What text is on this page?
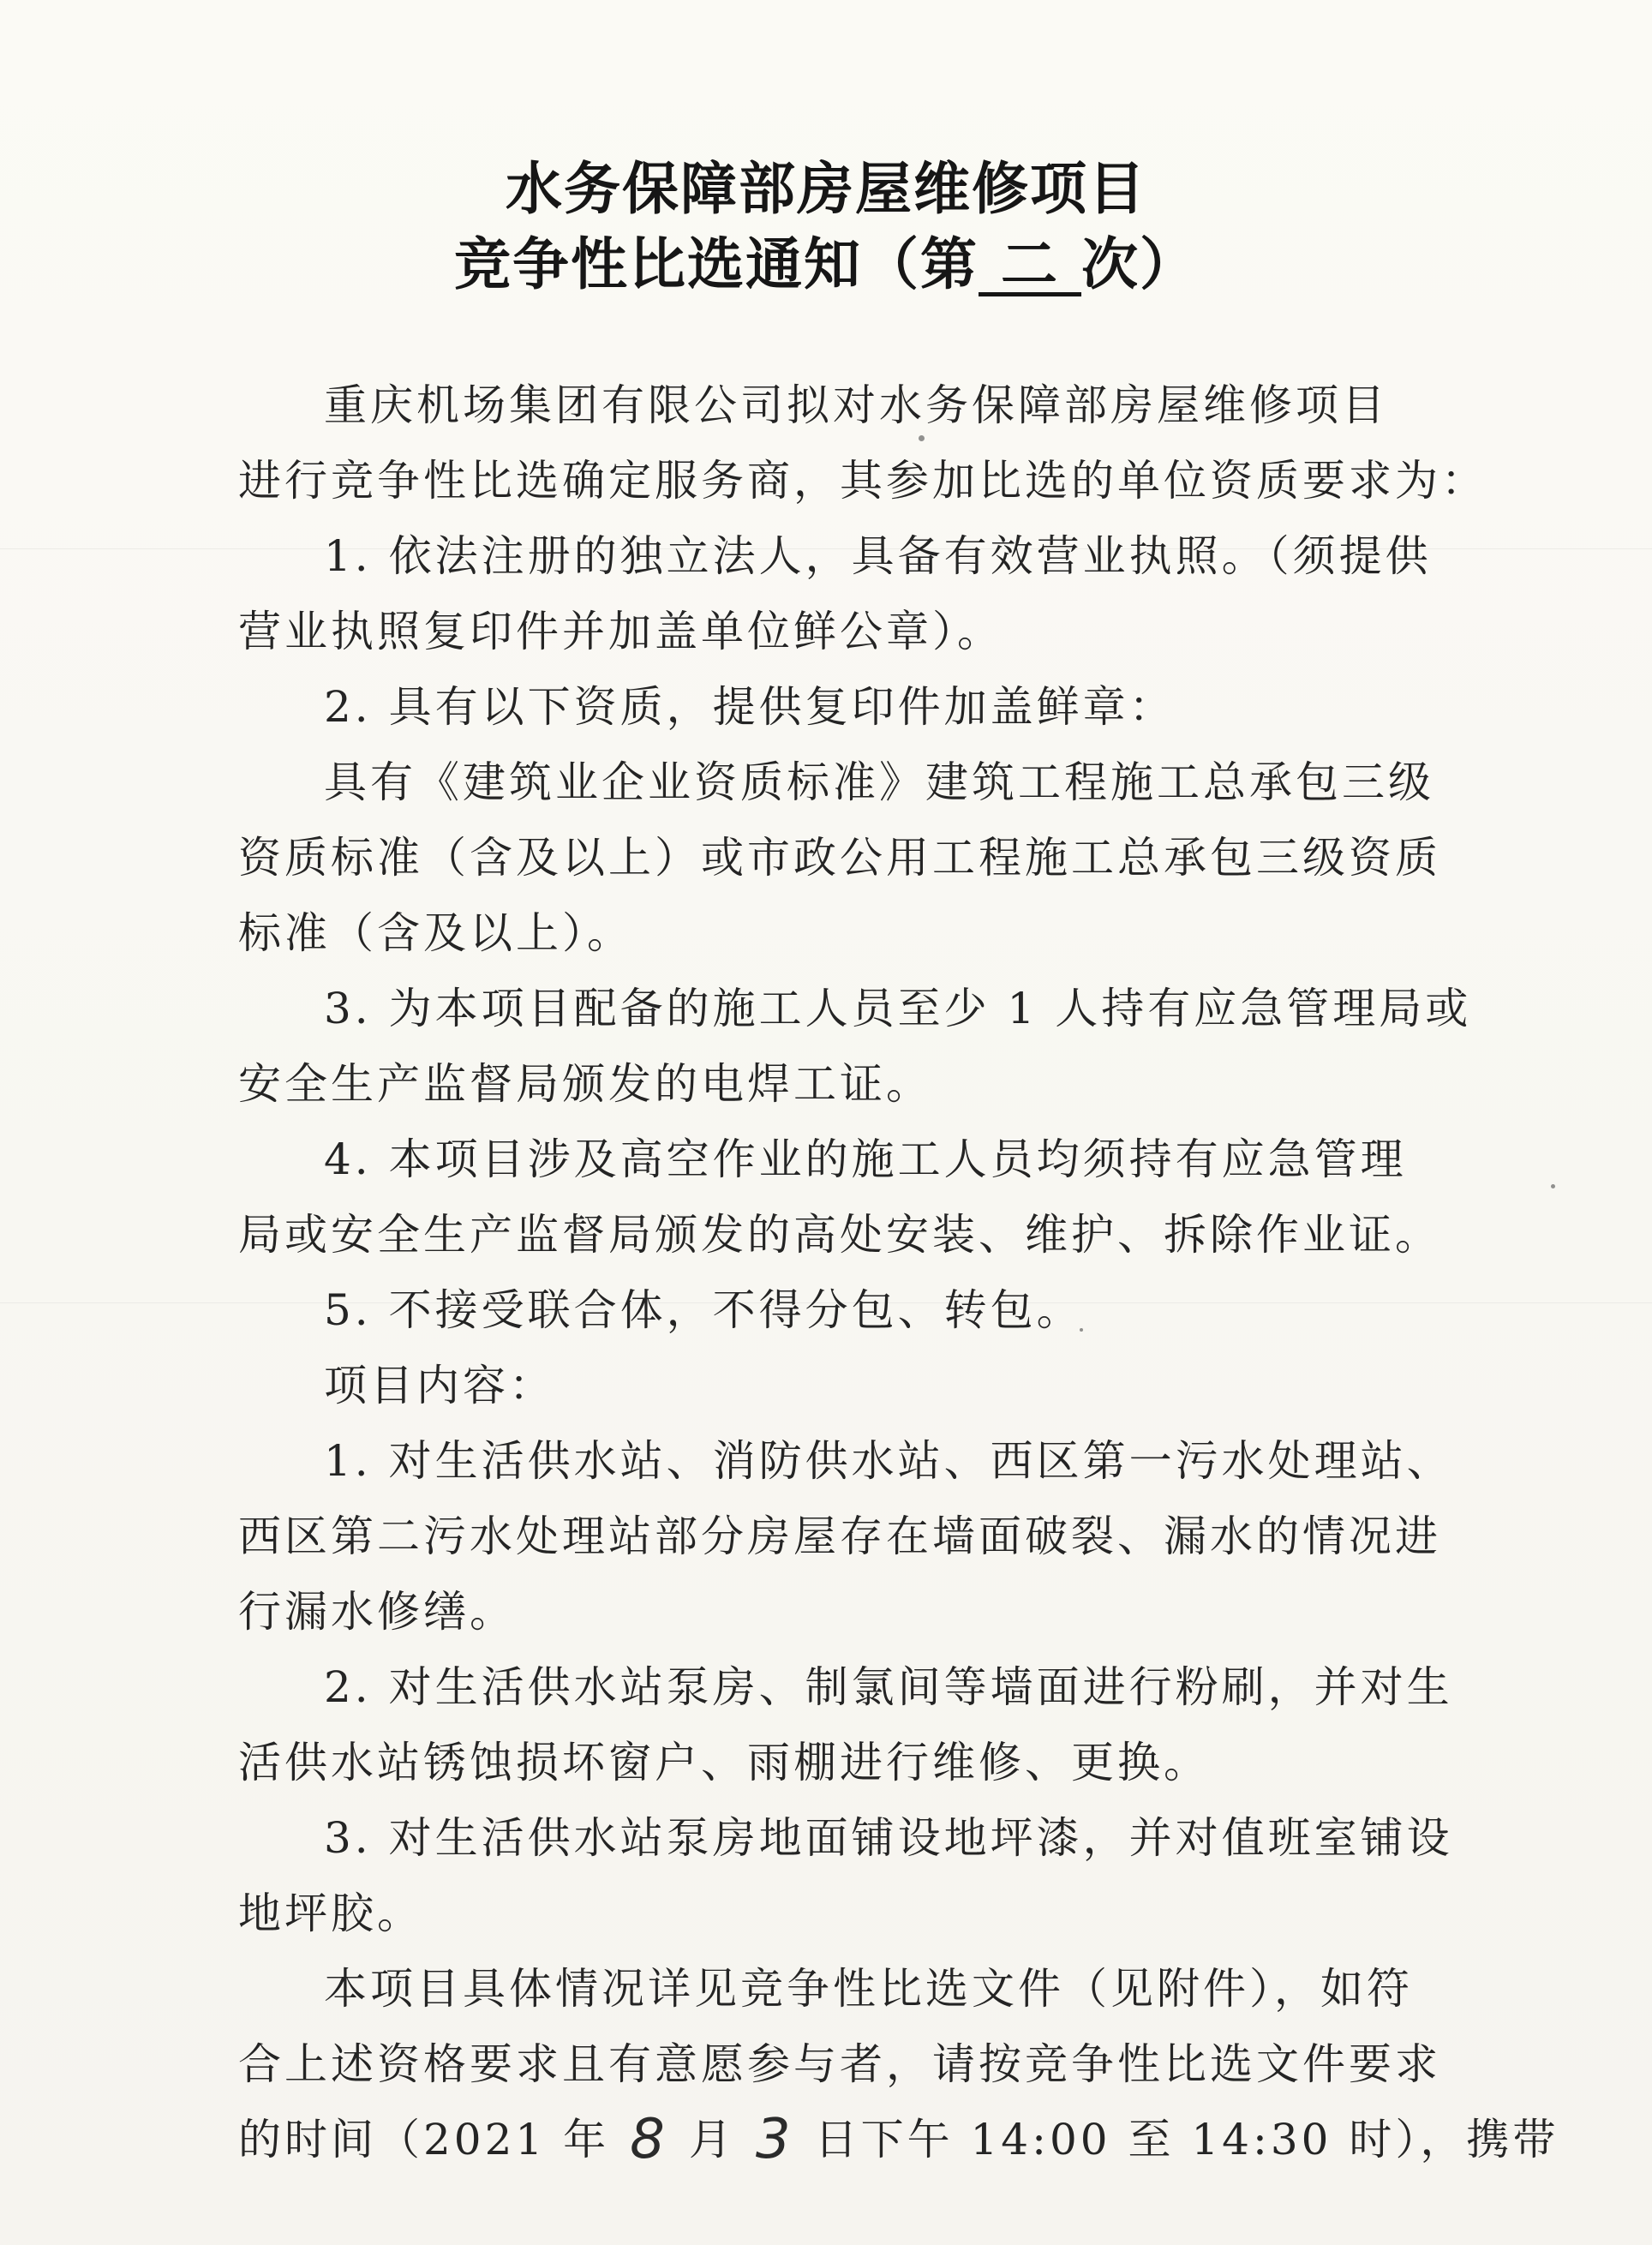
水务保障部房屋维修项目
竞争性比选通知（第 二 次）
重庆机场集团有限公司拟对水务保障部房屋维修项目
进行竞争性比选确定服务商，其参加比选的单位资质要求为：
1. 依法注册的独立法人，具备有效营业执照。（须提供
营业执照复印件并加盖单位鲜公章）。
2. 具有以下资质，提供复印件加盖鲜章：
具有《建筑业企业资质标准》建筑工程施工总承包三级
资质标准（含及以上）或市政公用工程施工总承包三级资质
标准（含及以上）。
3. 为本项目配备的施工人员至少 1 人持有应急管理局或
安全生产监督局颁发的电焊工证。
4. 本项目涉及高空作业的施工人员均须持有应急管理
局或安全生产监督局颁发的高处安装、维护、拆除作业证。
5. 不接受联合体，不得分包、转包。
项目内容：
1. 对生活供水站、消防供水站、西区第一污水处理站、
西区第二污水处理站部分房屋存在墙面破裂、漏水的情况进
行漏水修缮。
2. 对生活供水站泵房、制氯间等墙面进行粉刷，并对生
活供水站锈蚀损坏窗户、雨棚进行维修、更换。
3. 对生活供水站泵房地面铺设地坪漆，并对值班室铺设
地坪胶。
本项目具体情况详见竞争性比选文件（见附件），如符
合上述资格要求且有意愿参与者，请按竞争性比选文件要求
的时间（2021 年 8 月 3 日下午 14:00 至 14:30 时），携带
